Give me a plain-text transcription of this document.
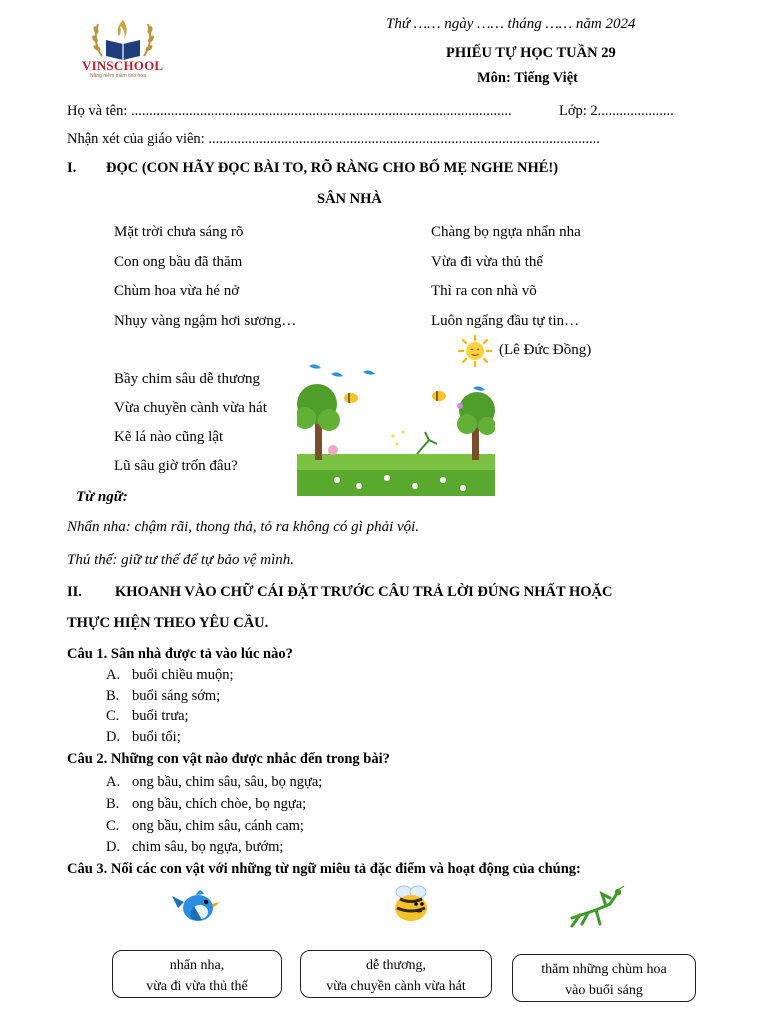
VINSCHOOL
Nâng niêm mầm tinh hoa
Thứ …… ngày …… tháng …… năm 2024
PHIẾU TỰ HỌC TUẦN 29
Môn: Tiếng Việt
Họ và tên: .........................................................................................................	Lớp: 2.....................
Nhận xét của giáo viên: ............................................................................................................
I. ĐỌC (CON HÃY ĐỌC BÀI TO, RÕ RÀNG CHO BỐ MẸ NGHE NHÉ!)
SÂN NHÀ
Mặt trời chưa sáng rõ
Con ong bầu đã thăm
Chùm hoa vừa hé nở
Nhụy vàng ngậm hơi sương…
Chàng bọ ngựa nhẩn nha
Vừa đi vừa thủ thế
Thì ra con nhà võ
Luôn ngẩng đầu tự tin…
(Lê Đức Đồng)
Bầy chim sâu dễ thương
Vừa chuyền cành vừa hát
Kẽ lá nào cũng lật
Lũ sâu giờ trốn đâu?
Từ ngữ:
Nhẩn nha: chậm rãi, thong thả, tỏ ra không có gì phải vội.
Thủ thế: giữ tư thế để tự bảo vệ mình.
II. KHOANH VÀO CHỮ CÁI ĐẶT TRƯỚC CÂU TRẢ LỜI ĐÚNG NHẤT HOẶC
THỰC HIỆN THEO YÊU CẦU.
Câu 1. Sân nhà được tả vào lúc nào?
A. buổi chiều muộn;
B. buổi sáng sớm;
C. buổi trưa;
D. buổi tối;
Câu 2. Những con vật nào được nhắc đến trong bài?
A. ong bầu, chim sâu, sâu, bọ ngựa;
B. ong bầu, chích chòe, bọ ngựa;
C. ong bầu, chim sâu, cánh cam;
D. chim sâu, bọ ngựa, bướm;
Câu 3. Nối các con vật với những từ ngữ miêu tả đặc điểm và hoạt động của chúng:
nhẩn nha,
vừa đi vừa thủ thế
dễ thương,
vừa chuyền cành vừa hát
thăm những chùm hoa
vào buổi sáng
